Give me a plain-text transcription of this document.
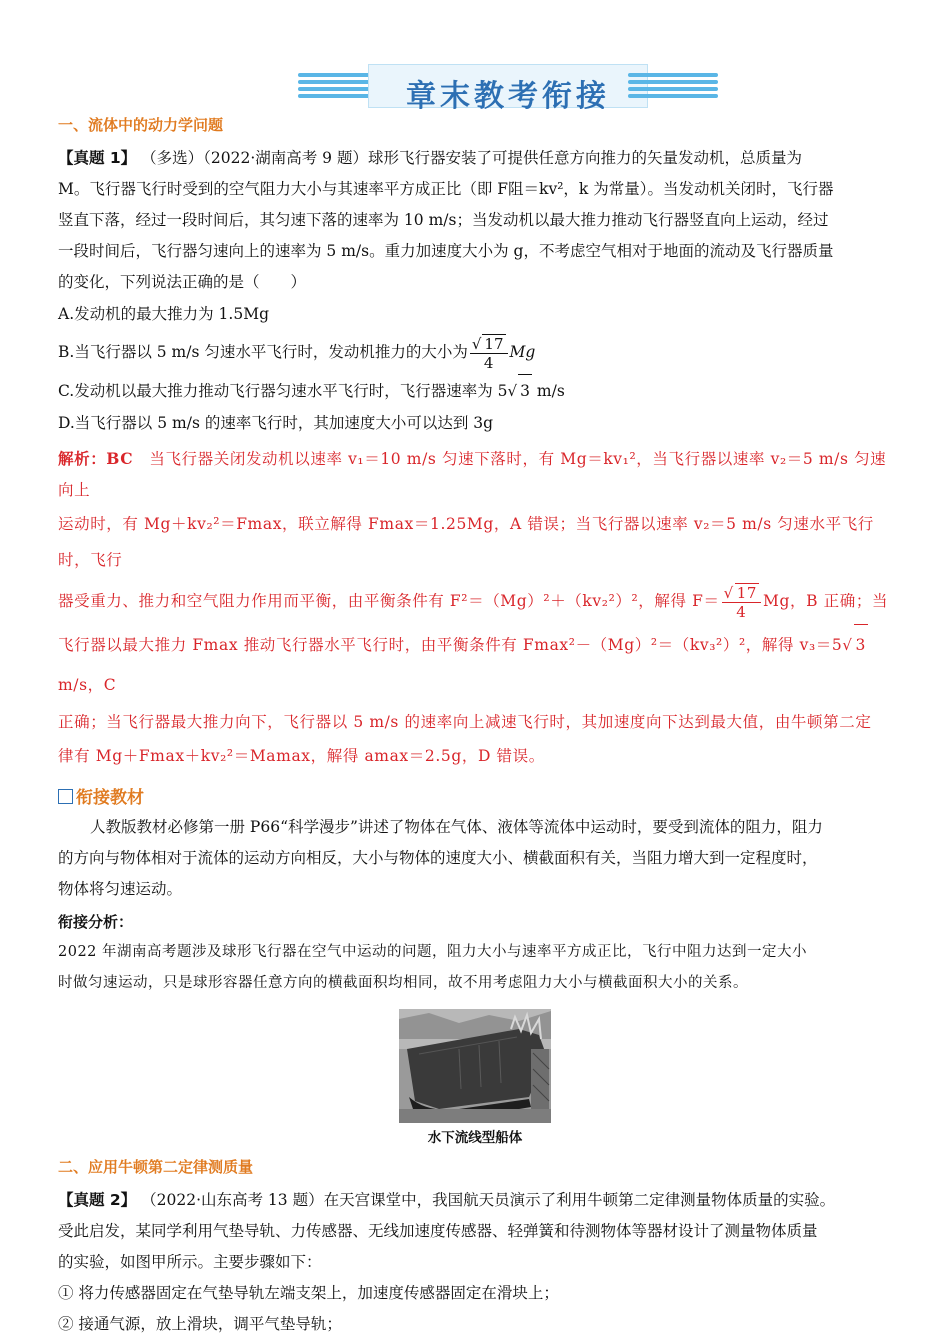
章末教考衔接
一、流体中的动力学问题

【真题 1】 （多选）（2022·湖南高考 9 题）球形飞行器安装了可提供任意方向推力的矢量发动机，总质量为

M。飞行器飞行时受到的空气阻力大小与其速率平方成正比（即 F阻＝kv²，k 为常量）。当发动机关闭时，飞行器

竖直下落，经过一段时间后，其匀速下落的速率为 10 m/s；当发动机以最大推力推动飞行器竖直向上运动，经过

一段时间后，飞行器匀速向上的速率为 5 m/s。重力加速度大小为 g，不考虑空气相对于地面的流动及飞行器质量

的变化，下列说法正确的是（　　）

A.发动机的最大推力为 1.5Mg
B.当飞行器以 5 m/s 匀速水平飞行时，发动机推力的大小为 $\frac{√ 17}{4}$ Mg
C.发动机以最大推力推动飞行器匀速水平飞行时，飞行器速率为 5√ 3 m/s
D.当飞行器以 5 m/s 的速率飞行时，其加速度大小可以达到 3g

解析：BC　 当飞行器关闭发动机以速率 v₁＝10 m/s 匀速下落时，有 Mg＝kv₁²，当飞行器以速率 v₂＝5 m/s 匀速向上

运动时，有 Mg＋kv₂²＝Fmax，联立解得 Fmax＝1.25Mg，A 错误；当飞行器以速率 v₂＝5 m/s 匀速水平飞行时，飞行

器受重力、推力和空气阻力作用而平衡，由平衡条件有 F²＝（Mg）²＋（kv₂²）²，解得 $F= \frac{√ 17}{4}$ Mg，B 正确；当

飞行器以最大推力 Fmax 推动飞行器水平飞行时，由平衡条件有 Fmax²－（Mg）²＝（kv₃²）²，解得 v₃＝5√ 3 m/s，C

正确；当飞行器最大推力向下，飞行器以 5 m/s 的速率向上减速飞行时，其加速度向下达到最大值，由牛顿第二定

律有 Mg＋Fmax＋kv₂²＝Mamax，解得 amax＝2.5g，D 错误。

衔接教材

人教版教材必修第一册 P66“科学漫步”讲述了物体在气体、液体等流体中运动时，要受到流体的阻力，阻力

的方向与物体相对于流体的运动方向相反，大小与物体的速度大小、横截面积有关，当阻力增大到一定程度时，

物体将匀速运动。

衔接分析：

2022 年湖南高考题涉及球形飞行器在空气中运动的问题，阻力大小与速率平方成正比，飞行中阻力达到一定大小

时做匀速运动，只是球形容器任意方向的横截面积均相同，故不用考虑阻力大小与横截面积大小的关系。

水下流线型船体
二、应用牛顿第二定律测质量

【真题 2】 （2022·山东高考 13 题）在天宫课堂中，我国航天员演示了利用牛顿第二定律测量物体质量的实验。

受此启发，某同学利用气垫导轨、力传感器、无线加速度传感器、轻弹簧和待测物体等器材设计了测量物体质量

的实验，如图甲所示。主要步骤如下：

① 将力传感器固定在气垫导轨左端支架上，加速度传感器固定在滑块上；

② 接通气源，放上滑块，调平气垫导轨；
